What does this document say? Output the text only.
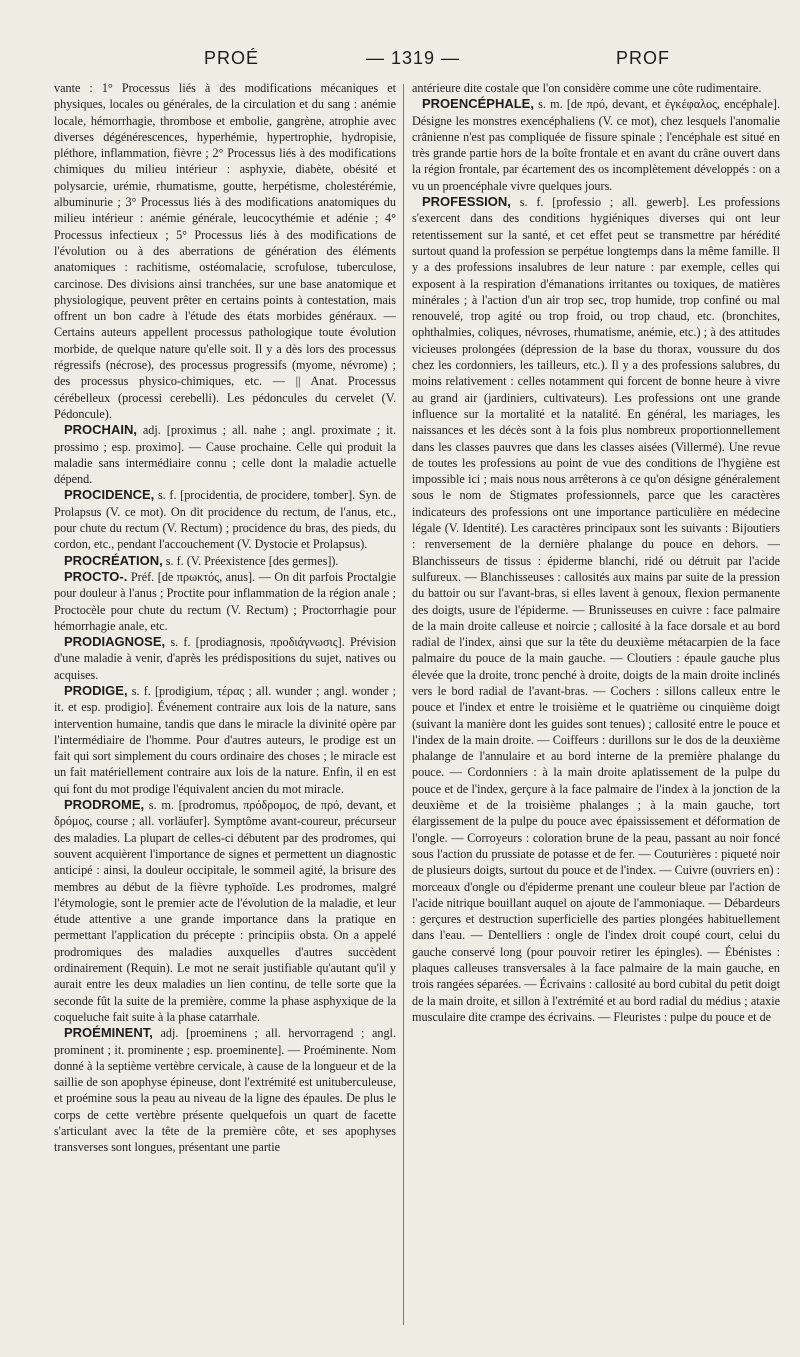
PROÉ	— 1319 —	PROF

vante : 1° Processus liés à des modifications mécaniques et physiques, locales ou générales, de la circulation et du sang : anémie locale, hémorrhagie, thrombose et embolie, gangrène, atrophie avec diverses dégénérescences, hyperhémie, hypertrophie, hydropisie, pléthore, inflammation, fièvre ; 2° Processus liés à des modifications chimiques du milieu intérieur : asphyxie, diabète, obésité et polysarcie, urémie, rhumatisme, goutte, herpétisme, cholestérémie, albuminurie ; 3° Processus liés à des modifications anatomiques du milieu intérieur : anémie générale, leucocythémie et adénie ; 4° Processus infectieux ; 5° Processus liés à des modifications de l'évolution ou à des aberrations de génération des éléments anatomiques : rachitisme, ostéomalacie, scrofulose, tuberculose, carcinose. Des divisions ainsi tranchées, sur une base anatomique et physiologique, peuvent prêter en certains points à contestation, mais offrent un bon cadre à l'étude des états morbides généraux. — Certains auteurs appellent processus pathologique toute évolution morbide, de quelque nature qu'elle soit. Il y a dès lors des processus régressifs (nécrose), des processus progressifs (myome, névrome) ; des processus physico-chimiques, etc. — || Anat. Processus cérébelleux (processi cerebelli). Les pédoncules du cervelet (V. Pédoncule).

PROCHAIN, adj. [proximus ; all. nahe ; angl. proximate ; it. prossimo ; esp. proximo]. — Cause prochaine. Celle qui produit la maladie sans intermédiaire connu ; celle dont la maladie actuelle dépend.

PROCIDENCE, s. f. [procidentia, de procidere, tomber]. Syn. de Prolapsus (V. ce mot). On dit procidence du rectum, de l'anus, etc., pour chute du rectum (V. Rectum) ; procidence du bras, des pieds, du cordon, etc., pendant l'accouchement (V. Dystocie et Prolapsus).

PROCRÉATION, s. f. (V. Préexistence [des germes]).

PROCTO-. Préf. [de πρωκτός, anus]. — On dit parfois Proctalgie pour douleur à l'anus ; Proctite pour inflammation de la région anale ; Proctocèle pour chute du rectum (V. Rectum) ; Proctorrhagie pour hémorrhagie anale, etc.

PRODIAGNOSE, s. f. [prodiagnosis, προδιάγνωσις]. Prévision d'une maladie à venir, d'après les prédispositions du sujet, natives ou acquises.

PRODIGE, s. f. [prodigium, τέρας ; all. wunder ; angl. wonder ; it. et esp. prodigio]. Événement contraire aux lois de la nature, sans intervention humaine, tandis que dans le miracle la divinité opère par l'intermédiaire de l'homme. Pour d'autres auteurs, le prodige est un fait qui sort simplement du cours ordinaire des choses ; le miracle est un fait matériellement contraire aux lois de la nature. Enfin, il en est qui font du mot prodige l'équivalent ancien du mot miracle.

PRODROME, s. m. [prodromus, πρόδρομος, de πρό, devant, et δρόμος, course ; all. vorläufer]. Symptôme avant-coureur, précurseur des maladies. La plupart de celles-ci débutent par des prodromes, qui souvent acquièrent l'importance de signes et permettent un diagnostic anticipé : ainsi, la douleur occipitale, le sommeil agité, la brisure des membres au début de la fièvre typhoïde. Les prodromes, malgré l'étymologie, sont le premier acte de l'évolution de la maladie, et leur étude attentive a une grande importance dans la pratique en permettant l'application du précepte : principiis obsta. On a appelé prodromiques des maladies auxquelles d'autres succèdent ordinairement (Requin). Le mot ne serait justifiable qu'autant qu'il y aurait entre les deux maladies un lien continu, de telle sorte que la seconde fût la suite de la première, comme la phase asphyxique de la coqueluche fait suite à la phase catarrhale.

PROÉMINENT, adj. [proeminens ; all. hervorragend ; angl. prominent ; it. prominente ; esp. proeminente]. — Proéminente. Nom donné à la septième vertèbre cervicale, à cause de la longueur et de la saillie de son apophyse épineuse, dont l'extrémité est unituberculeuse, et proémine sous la peau au niveau de la ligne des épaules. De plus le corps de cette vertèbre présente quelquefois un quart de facette s'articulant avec la tête de la première côte, et ses apophyses transverses sont longues, présentant une partie

antérieure dite costale que l'on considère comme une côte rudimentaire.

PROENCÉPHALE, s. m. [de πρό, devant, et ἐγκέφαλος, encéphale]. Désigne les monstres exencéphaliens (V. ce mot), chez lesquels l'anomalie crânienne n'est pas compliquée de fissure spinale ; l'encéphale est situé en très grande partie hors de la boîte frontale et en avant du crâne ouvert dans la région frontale, par écartement des os incomplètement développés : on a vu un proencéphale vivre quelques jours.

PROFESSION, s. f. [professio ; all. gewerb]. Les professions s'exercent dans des conditions hygiéniques diverses qui ont leur retentissement sur la santé, et cet effet peut se transmettre par hérédité surtout quand la profession se perpétue longtemps dans la même famille. Il y a des professions insalubres de leur nature : par exemple, celles qui exposent à la respiration d'émanations irritantes ou toxiques, de matières minérales ; à l'action d'un air trop sec, trop humide, trop confiné ou mal renouvelé, trop agité ou trop froid, ou trop chaud, etc. (bronchites, ophthalmies, coliques, névroses, rhumatisme, anémie, etc.) ; à des attitudes vicieuses prolongées (dépression de la base du thorax, voussure du dos chez les cordonniers, les tailleurs, etc.). Il y a des professions salubres, du moins relativement : celles notamment qui forcent de bonne heure à vivre au grand air (jardiniers, cultivateurs). Les professions ont une grande influence sur la mortalité et la natalité. En général, les mariages, les naissances et les décès sont à la fois plus nombreux proportionnellement dans les classes pauvres que dans les classes aisées (Villermé). Une revue de toutes les professions au point de vue des conditions de l'hygiène est impossible ici ; mais nous nous arrêterons à ce qu'on désigne généralement sous le nom de Stigmates professionnels, parce que les caractères indicateurs des professions ont une importance particulière en médecine légale (V. Identité). Les caractères principaux sont les suivants : Bijoutiers : renversement de la dernière phalange du pouce en dehors. — Blanchisseurs de tissus : épiderme blanchi, ridé ou détruit par l'acide sulfureux. — Blanchisseuses : callosités aux mains par suite de la pression du battoir ou sur l'avant-bras, si elles lavent à genoux, flexion permanente des doigts, usure de l'épiderme. — Brunisseuses en cuivre : face palmaire de la main droite calleuse et noircie ; callosité à la face dorsale et au bord radial de l'index, ainsi que sur la tête du deuxième métacarpien de la face palmaire du pouce de la main gauche. — Cloutiers : épaule gauche plus élevée que la droite, tronc penché à droite, doigts de la main droite inclinés vers le bord radial de l'avant-bras. — Cochers : sillons calleux entre le pouce et l'index et entre le troisième et le quatrième ou cinquième doigt (suivant la manière dont les guides sont tenues) ; callosité entre le pouce et l'index de la main droite. — Coiffeurs : durillons sur le dos de la deuxième phalange de l'annulaire et au bord interne de la première phalange du pouce. — Cordonniers : à la main droite aplatissement de la pulpe du pouce et de l'index, gerçure à la face palmaire de l'index à la jonction de la deuxième et de la troisième phalanges ; à la main gauche, tort élargissement de la pulpe du pouce avec épaississement et déformation de l'ongle. — Corroyeurs : coloration brune de la peau, passant au noir foncé sous l'action du prussiate de potasse et de fer. — Couturières : piqueté noir de plusieurs doigts, surtout du pouce et de l'index. — Cuivre (ouvriers en) : morceaux d'ongle ou d'épiderme prenant une couleur bleue par l'action de l'acide nitrique bouillant auquel on ajoute de l'ammoniaque. — Débardeurs : gerçures et destruction superficielle des parties plongées habituellement dans l'eau. — Dentelliers : ongle de l'index droit coupé court, celui du gauche conservé long (pour pouvoir retirer les épingles). — Ébénistes : plaques calleuses transversales à la face palmaire de la main gauche, en trois rangées séparées. — Écrivains : callosité au bord cubital du petit doigt de la main droite, et sillon à l'extrémité et au bord radial du médius ; ataxie musculaire dite crampe des écrivains. — Fleuristes : pulpe du pouce et de
